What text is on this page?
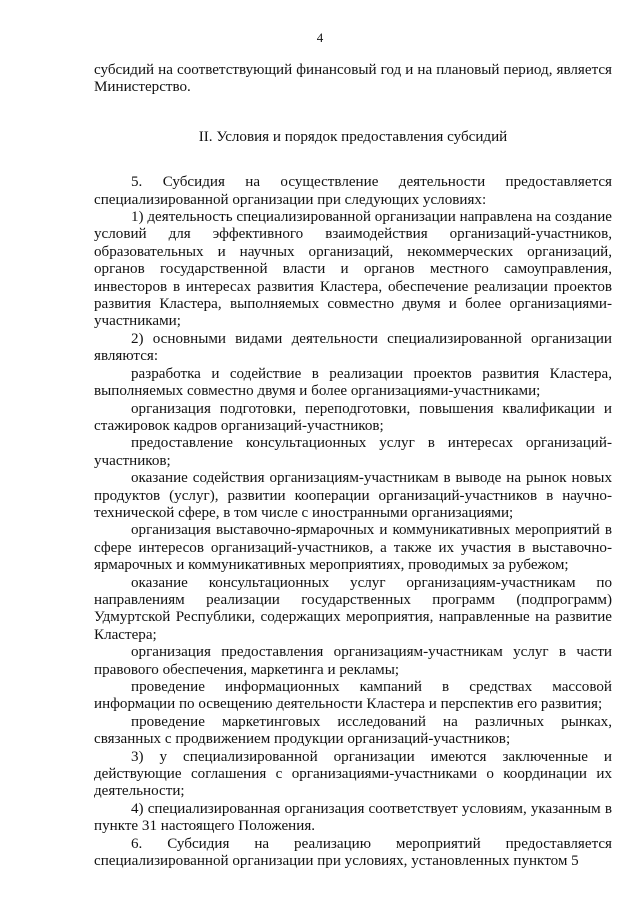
4

субсидий на соответствующий финансовый год и на плановый период, является Министерство.

II. Условия и порядок предоставления субсидий

5. Субсидия на осуществление деятельности предоставляется специализированной организации при следующих условиях:

1) деятельность специализированной организации направлена на создание условий для эффективного взаимодействия организаций-участников, образовательных и научных организаций, некоммерческих организаций, органов государственной власти и органов местного самоуправления, инвесторов в интересах развития Кластера, обеспечение реализации проектов развития Кластера, выполняемых совместно двумя и более организациями-участниками;

2) основными видами деятельности специализированной организации являются:

разработка и содействие в реализации проектов развития Кластера, выполняемых совместно двумя и более организациями-участниками;

организация подготовки, переподготовки, повышения квалификации и стажировок кадров организаций-участников;

предоставление консультационных услуг в интересах организаций-участников;

оказание содействия организациям-участникам в выводе на рынок новых продуктов (услуг), развитии кооперации организаций-участников в научно-технической сфере, в том числе с иностранными организациями;

организация выставочно-ярмарочных и коммуникативных мероприятий в сфере интересов организаций-участников, а также их участия в выставочно-ярмарочных и коммуникативных мероприятиях, проводимых за рубежом;

оказание консультационных услуг организациям-участникам по направлениям реализации государственных программ (подпрограмм) Удмуртской Республики, содержащих мероприятия, направленные на развитие Кластера;

организация предоставления организациям-участникам услуг в части правового обеспечения, маркетинга и рекламы;

проведение информационных кампаний в средствах массовой информации по освещению деятельности Кластера и перспектив его развития;

проведение маркетинговых исследований на различных рынках, связанных с продвижением продукции организаций-участников;

3) у специализированной организации имеются заключенные и действующие соглашения с организациями-участниками о координации их деятельности;

4) специализированная организация соответствует условиям, указанным в пункте 31 настоящего Положения.

6. Субсидия на реализацию мероприятий предоставляется специализированной организации при условиях, установленных пунктом 5
